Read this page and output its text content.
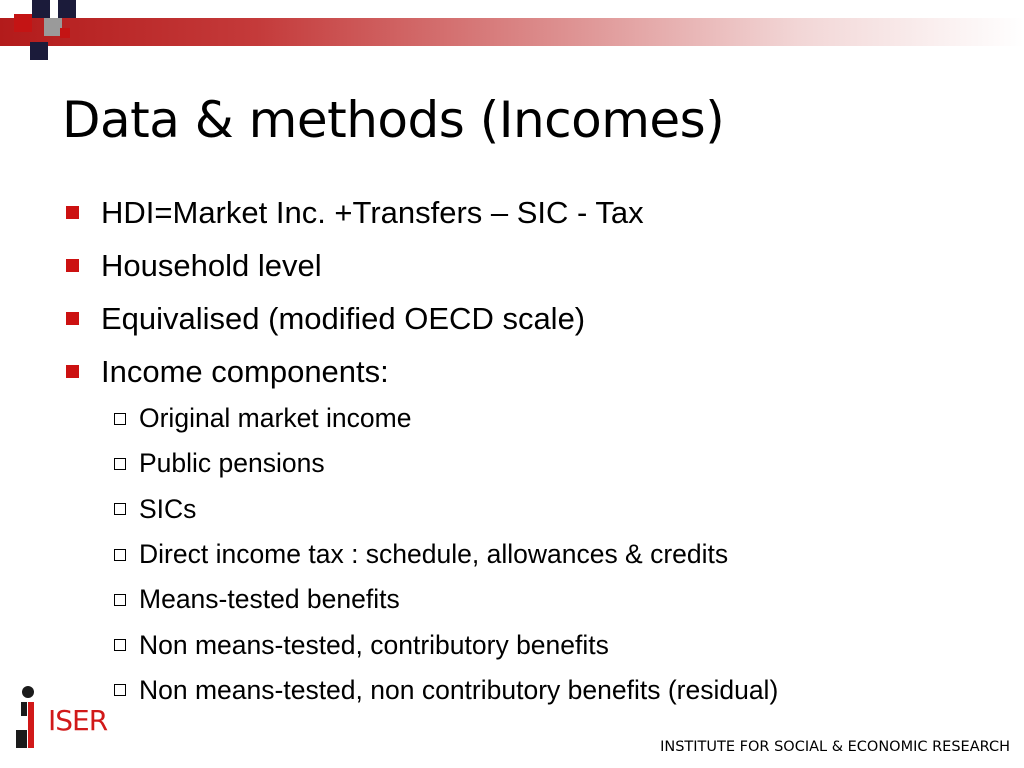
Data & methods (Incomes)
HDI=Market Inc. +Transfers – SIC - Tax
Household level
Equivalised (modified OECD scale)
Income components:
Original market income
Public pensions
SICs
Direct income tax : schedule, allowances & credits
Means-tested benefits
Non means-tested, contributory benefits
Non means-tested, non contributory benefits (residual)
ISER
INSTITUTE FOR SOCIAL & ECONOMIC RESEARCH
